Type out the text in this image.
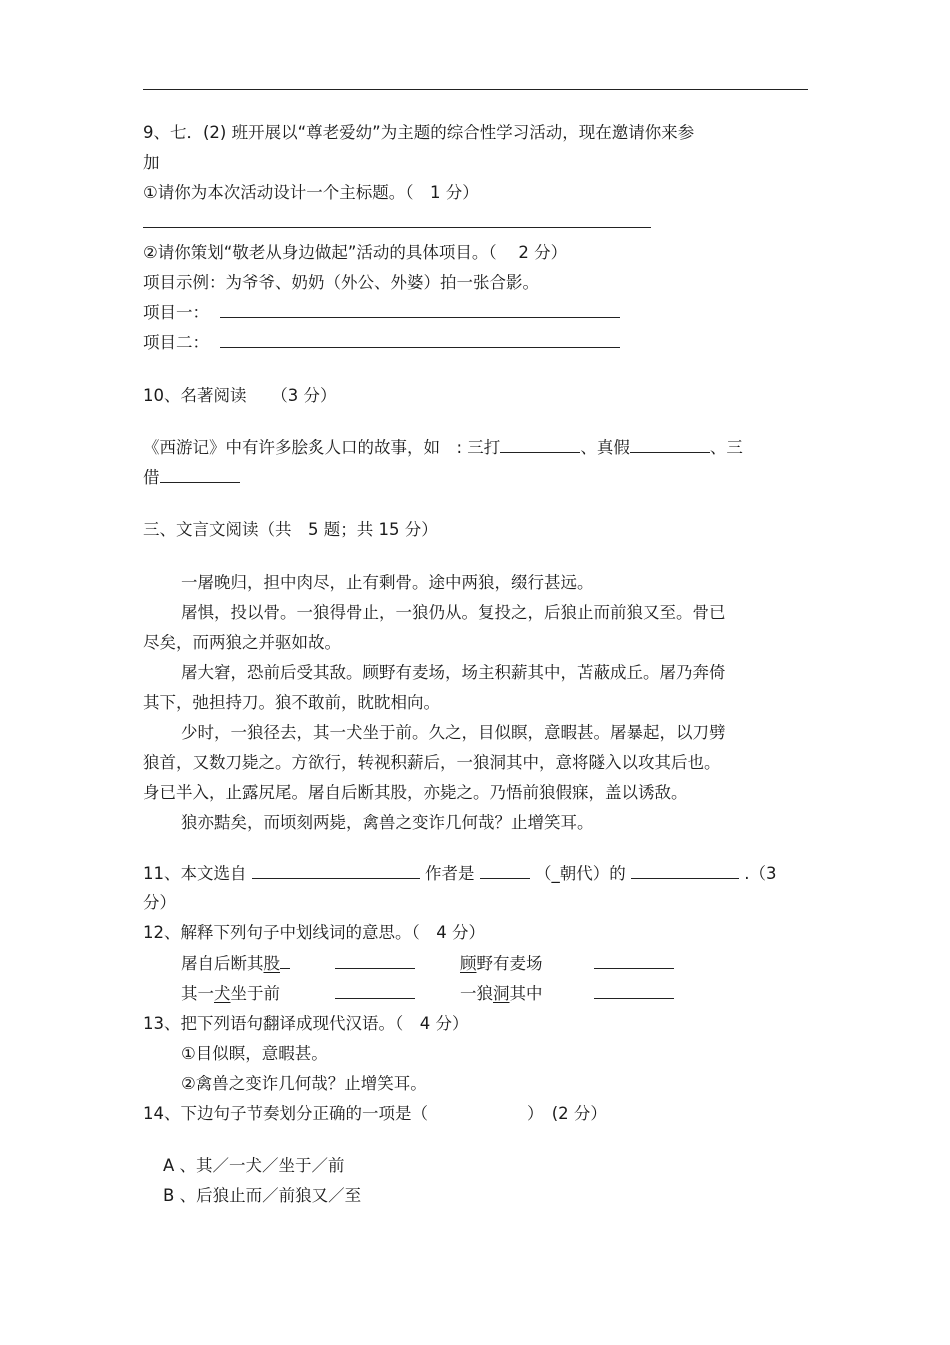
9、七．(2) 班开展以“尊老爱幼”为主题的综合性学习活动，现在邀请你来参
加
①请你为本次活动设计一个主标题。（　1 分）
②请你策划“敬老从身边做起”活动的具体项目。（　 2 分）
项目示例：为爷爷、奶奶（外公、外婆）拍一张合影。
项目一：
项目二：
10、名著阅读　　（3 分）
《西游记》中有许多脍炙人口的故事，如　: 三打	、真假	、三
借
三、文言文阅读（共　5 题；共 15 分）
一屠晚归，担中肉尽，止有剩骨。途中两狼，缀行甚远。
屠惧，投以骨。一狼得骨止，一狼仍从。复投之，后狼止而前狼又至。骨已
尽矣，而两狼之并驱如故。
屠大窘，恐前后受其敌。顾野有麦场，场主积薪其中，苫蔽成丘。屠乃奔倚
其下，弛担持刀。狼不敢前，眈眈相向。
少时，一狼径去，其一犬坐于前。久之，目似瞑，意暇甚。屠暴起，以刀劈
狼首，又数刀毙之。方欲行，转视积薪后，一狼洞其中，意将隧入以攻其后也。
身已半入，止露尻尾。屠自后断其股，亦毙之。乃悟前狼假寐，盖以诱敌。
狼亦黠矣，而顷刻两毙，禽兽之变诈几何哉？止增笑耳。
11、本文选自	作者是	（_朝代）的	.（3
分）
12、解释下列句子中划线词的意思。（　4 分）
屠自后断其股	顾野有麦场
其一犬坐于前	一狼洞其中
13、把下列语句翻译成现代汉语。（　4 分）
①目似瞑，意暇甚。
②禽兽之变诈几何哉？止增笑耳。
14、下边句子节奏划分正确的一项是（　　　　　　）　(2 分）
A 、其／一犬／坐于／前
B 、后狼止而／前狼又／至
